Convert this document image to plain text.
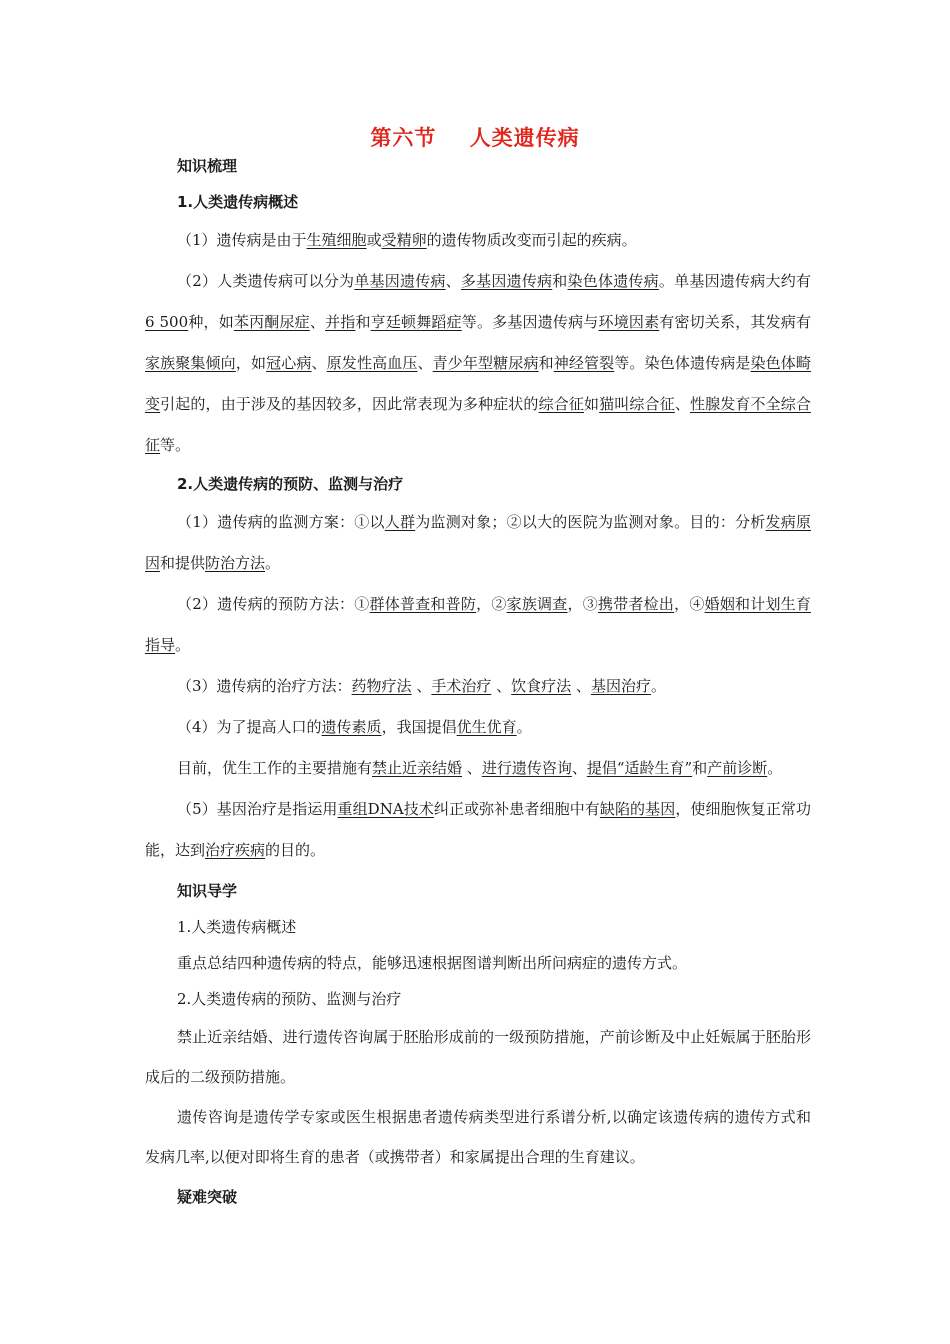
第六节    人类遗传病
知识梳理
1.人类遗传病概述

（1）遗传病是由于生殖细胞或受精卵的遗传物质改变而引起的疾病。

（2）人类遗传病可以分为单基因遗传病、多基因遗传病和染色体遗传病。单基因遗传病大约有6 500种，如苯丙酮尿症、并指和亨廷顿舞蹈症等。多基因遗传病与环境因素有密切关系，其发病有家族聚集倾向，如冠心病、原发性高血压、青少年型糖尿病和神经管裂等。染色体遗传病是染色体畸变引起的，由于涉及的基因较多，因此常表现为多种症状的综合征如猫叫综合征、性腺发育不全综合征等。

2.人类遗传病的预防、监测与治疗

（1）遗传病的监测方案：①以人群为监测对象；②以大的医院为监测对象。目的：分析发病原因和提供防治方法。

（2）遗传病的预防方法：①群体普查和普防，②家族调查，③携带者检出，④婚姻和计划生育指导。

（3）遗传病的治疗方法：药物疗法 、手术治疗 、饮食疗法 、基因治疗。

（4）为了提高人口的遗传素质，我国提倡优生优育。

目前，优生工作的主要措施有禁止近亲结婚 、进行遗传咨询、提倡“适龄生育”和产前诊断。

（5）基因治疗是指运用重组DNA技术纠正或弥补患者细胞中有缺陷的基因，使细胞恢复正常功能，达到治疗疾病的目的。

知识导学
1.人类遗传病概述
重点总结四种遗传病的特点，能够迅速根据图谱判断出所问病症的遗传方式。
2.人类遗传病的预防、监测与治疗

禁止近亲结婚、进行遗传咨询属于胚胎形成前的一级预防措施，产前诊断及中止妊娠属于胚胎形成后的二级预防措施。

遗传咨询是遗传学专家或医生根据患者遗传病类型进行系谱分析,以确定该遗传病的遗传方式和发病几率,以便对即将生育的患者（或携带者）和家属提出合理的生育建议。

疑难突破
